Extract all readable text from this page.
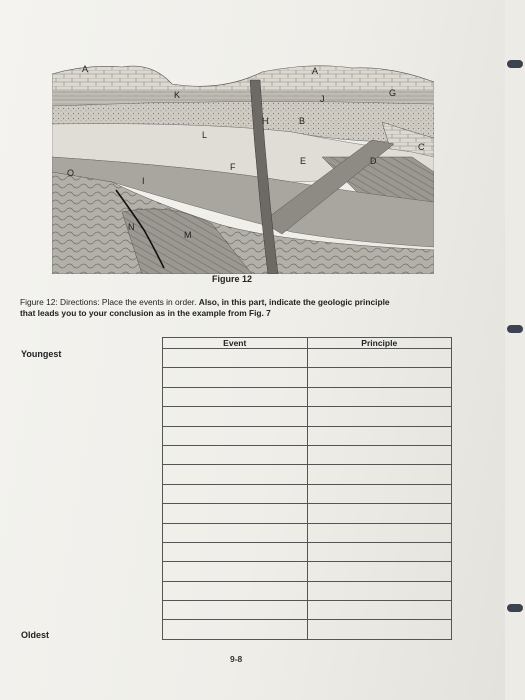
A	A
K	J
G
H	B
L
C
E	D
F
O
I
N
M
Figure 12
Figure 12: Directions: Place the events in order. Also, in this part, indicate the geologic principle
that leads you to your conclusion as in the example from Fig. 7
Youngest
Oldest
Event	Principle

9-8
